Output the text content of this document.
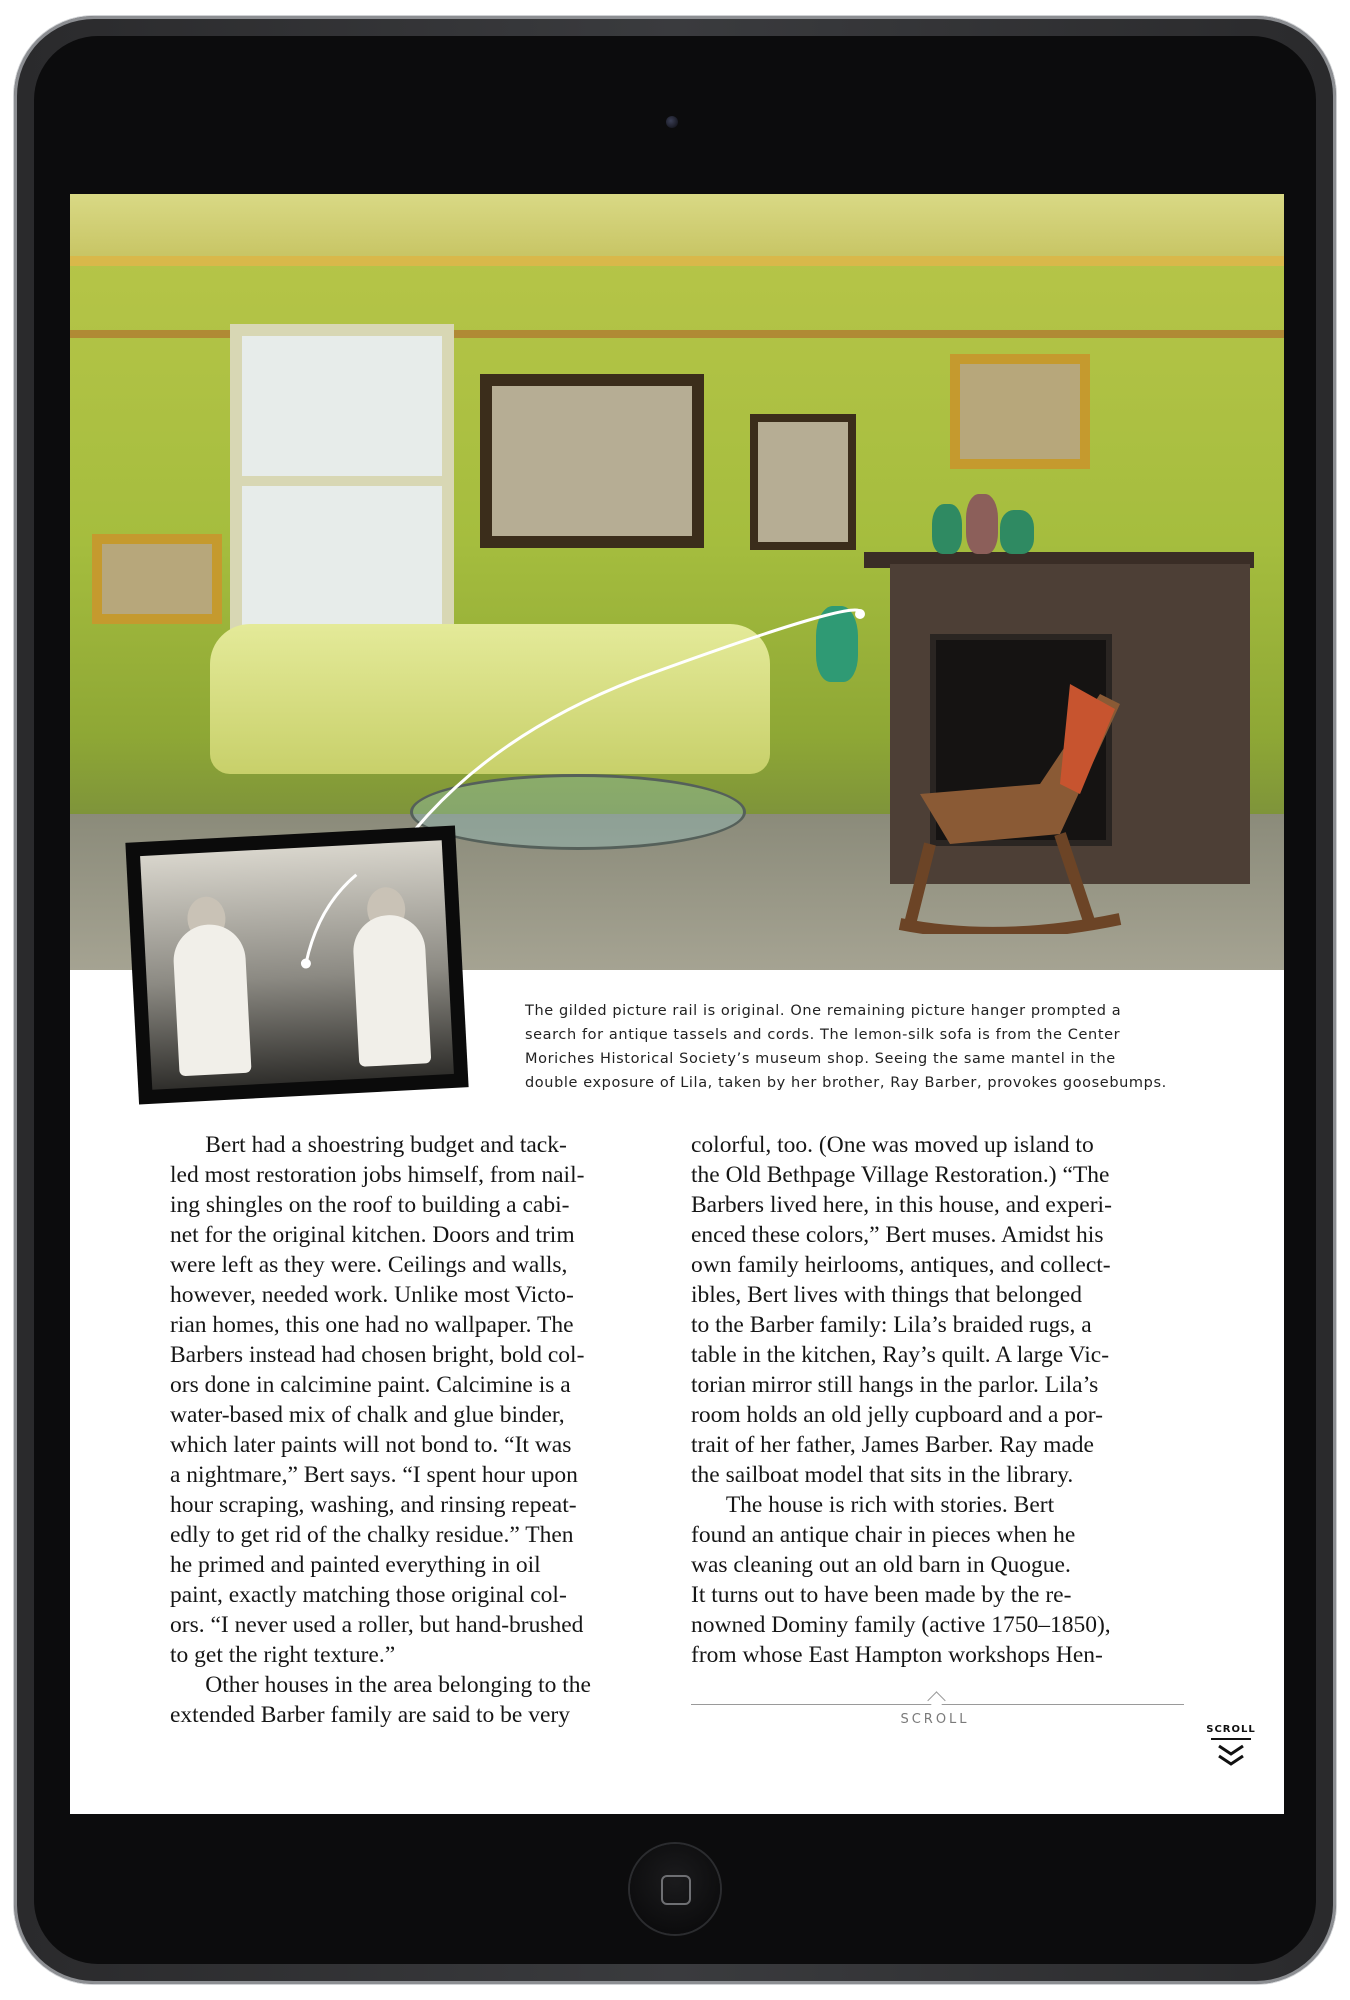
The gilded picture rail is original. One remaining picture hanger prompted a
search for antique tassels and cords. The lemon-silk sofa is from the Center
Moriches Historical Society’s museum shop. Seeing the same mantel in the
double exposure of Lila, taken by her brother, Ray Barber, provokes goosebumps.
Bert had a shoestring budget and tack-
led most restoration jobs himself, from nail-
ing shingles on the roof to building a cabi-
net for the original kitchen. Doors and trim
were left as they were. Ceilings and walls,
however, needed work. Unlike most Victo-
rian homes, this one had no wallpaper. The
Barbers instead had chosen bright, bold col-
ors done in calcimine paint. Calcimine is a
water-based mix of chalk and glue binder,
which later paints will not bond to. “It was
a nightmare,” Bert says. “I spent hour upon
hour scraping, washing, and rinsing repeat-
edly to get rid of the chalky residue.” Then
he primed and painted everything in oil
paint, exactly matching those original col-
ors. “I never used a roller, but hand-brushed
to get the right texture.”
Other houses in the area belonging to the
extended Barber family are said to be very
colorful, too. (One was moved up island to
the Old Bethpage Village Restoration.) “The
Barbers lived here, in this house, and experi-
enced these colors,” Bert muses. Amidst his
own family heirlooms, antiques, and collect-
ibles, Bert lives with things that belonged
to the Barber family: Lila’s braided rugs, a
table in the kitchen, Ray’s quilt. A large Vic-
torian mirror still hangs in the parlor. Lila’s
room holds an old jelly cupboard and a por-
trait of her father, James Barber. Ray made
the sailboat model that sits in the library.
The house is rich with stories. Bert
found an antique chair in pieces when he
was cleaning out an old barn in Quogue.
It turns out to have been made by the re-
nowned Dominy family (active 1750–1850),
from whose East Hampton workshops Hen-
SCROLL
SCROLL
